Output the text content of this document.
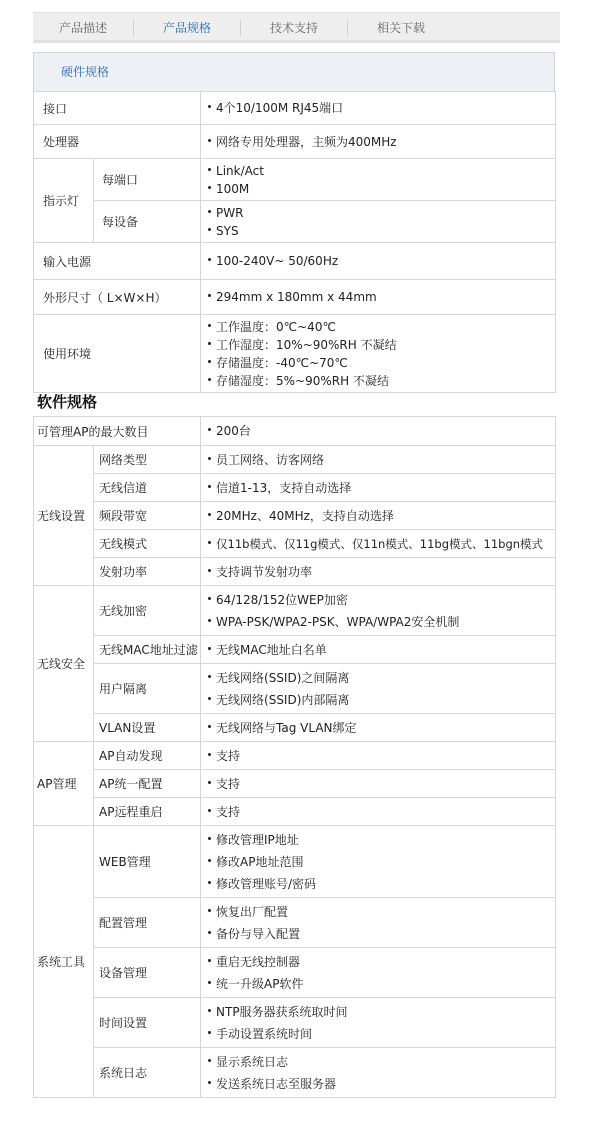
产品描述	产品规格	技术支持	相关下载
硬件规格
接口		4个10/100M RJ45端口

处理器		网络专用处理器，主频为400MHz

指示灯	每端口	Link/Act
100M

	每设备	PWR
SYS

输入电源		100-240V~ 50/60Hz

外形尺寸（ L×W×H）		294mm x 180mm x 44mm

使用环境		工作温度：0℃~40℃
工作湿度：10%~90%RH 不凝结
存储温度：-40℃~70℃
存储湿度：5%~90%RH 不凝结
软件规格
可管理AP的最大数目		200台

无线设置	网络类型	员工网络、访客网络

	无线信道	信道1-13，支持自动选择

	频段带宽	20MHz、40MHz，支持自动选择

	无线模式	仅11b模式、仅11g模式、仅11n模式、11bg模式、11bgn模式

	发射功率	支持调节发射功率

无线安全	无线加密	64/128/152位WEP加密
WPA-PSK/WPA2-PSK、WPA/WPA2安全机制

	无线MAC地址过滤	无线MAC地址白名单

	用户隔离	无线网络(SSID)之间隔离
无线网络(SSID)内部隔离

	VLAN设置	无线网络与Tag VLAN绑定

AP管理	AP自动发现	支持

	AP统一配置	支持

	AP远程重启	支持

系统工具	WEB管理	修改管理IP地址
修改AP地址范围
修改管理账号/密码

	配置管理	恢复出厂配置
备份与导入配置

	设备管理	重启无线控制器
统一升级AP软件

	时间设置	NTP服务器获系统取时间
手动设置系统时间

	系统日志	显示系统日志
发送系统日志至服务器
